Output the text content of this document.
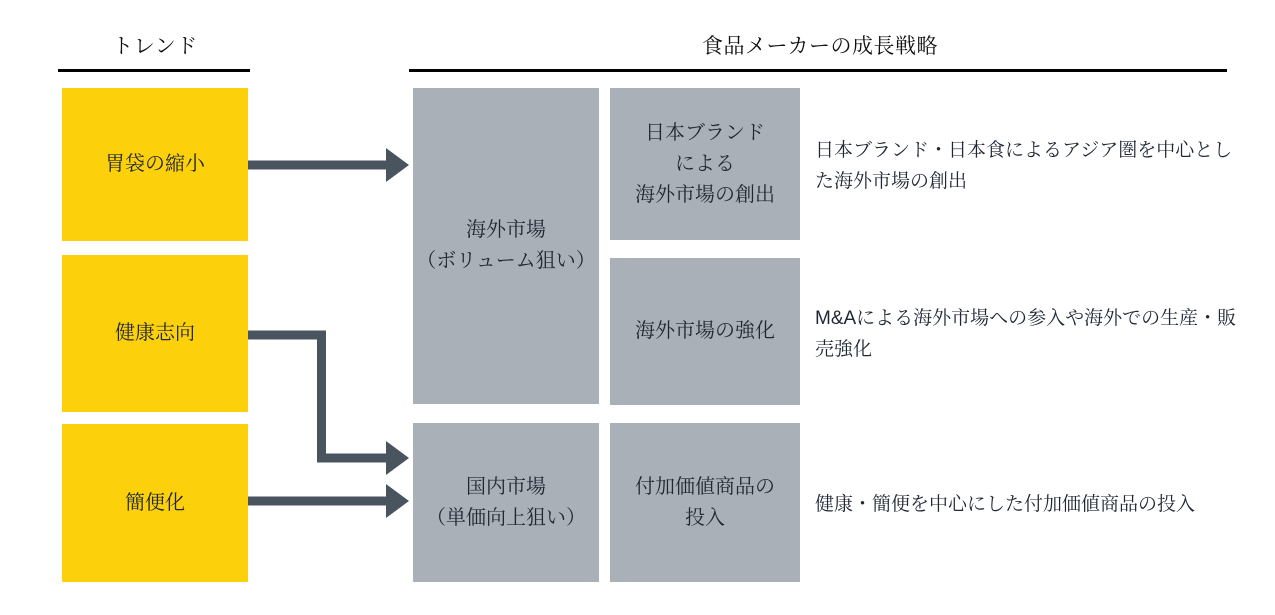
トレンド	食品メーカーの成長戦略
胃袋の縮小
健康志向
簡便化
海外市場
（ボリューム狙い）
国内市場
（単価向上狙い）
日本ブランド
による
海外市場の創出
海外市場の強化
付加価値商品の
投入
日本ブランド・日本食によるアジア圏を中心とした海外市場の創出
M&Aによる海外市場への参入や海外での生産・販売強化
健康・簡便を中心にした付加価値商品の投入
